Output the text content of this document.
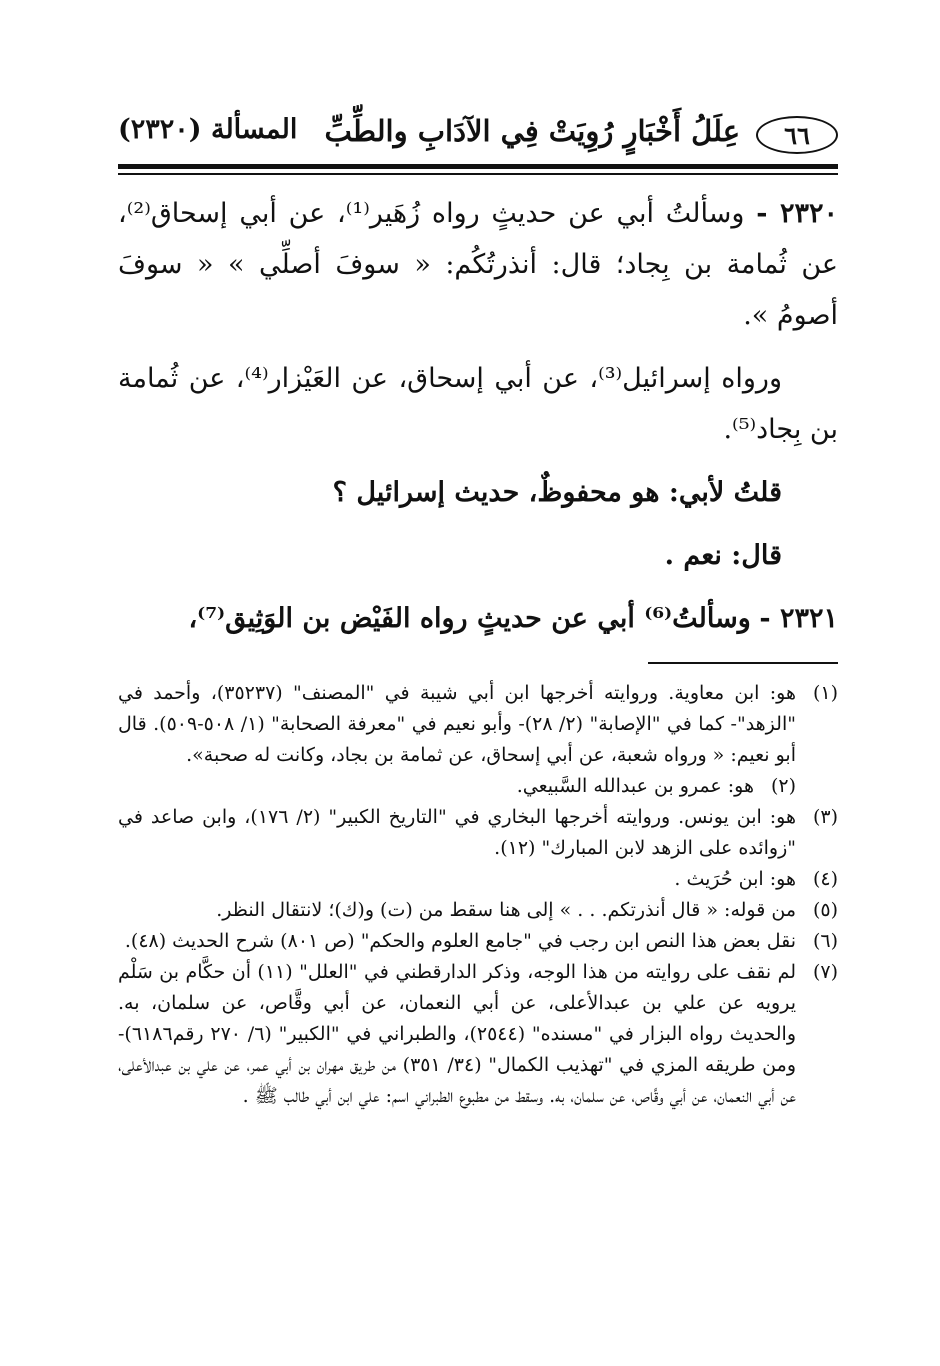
٦٦
عِلَلُ أَخْبَارٍ رُوِيَتْ فِي الآدَابِ والطِّبِّ
المسألة (٢٣٢٠)

٢٣٢٠ - وسألتُ أبي عن حديثٍ رواه زُهَير⁽¹⁾، عن أبي إسحاق⁽²⁾، عن ثُمامة بن بِجاد؛ قال: أنذرتُكُم: « سوفَ أصلِّي » « سوفَ أصومُ ».

ورواه إسرائيل⁽³⁾، عن أبي إسحاق، عن العَيْزار⁽⁴⁾، عن ثُمامة بن بِجاد⁽⁵⁾.

قلتُ لأبي: هو محفوظٌ، حديث إسرائيل ؟

قال: نعم .

٢٣٢١ - وسألتُ⁽⁶⁾ أبي عن حديثٍ رواه الفَيْض بن الوَثِيق⁽⁷⁾،

(١)
هو: ابن معاوية. وروايته أخرجها ابن أبي شيبة في "المصنف" (٣٥٢٣٧)، وأحمد في "الزهد"- كما في "الإصابة" (٢/ ٢٨)- وأبو نعيم في "معرفة الصحابة" (١/ ٥٠٨-٥٠٩). قال أبو نعيم: « ورواه شعبة، عن أبي إسحاق، عن ثمامة بن بجاد، وكانت له صحبة».
(٢)
هو: عمرو بن عبدالله السَّبيعي.
(٣)
هو: ابن يونس. وروايته أخرجها البخاري في "التاريخ الكبير" (٢/ ١٧٦)، وابن صاعد في "زوائده على الزهد لابن المبارك" (١٢).
(٤)
هو: ابن حُرَيث .
(٥)
من قوله: « قال أنذرتكم. . . » إلى هنا سقط من (ت) و(ك)؛ لانتقال النظر.
(٦)
نقل بعض هذا النص ابن رجب في "جامع العلوم والحكم" (ص ٨٠١) شرح الحديث (٤٨).
(٧)
لم نقف على روايته من هذا الوجه، وذكر الدارقطني في "العلل" (١١) أن حكَّام بن سَلْم يرويه عن علي بن عبدالأعلى، عن أبي النعمان، عن أبي وقَّاص، عن سلمان، به. والحديث رواه البزار في "مسنده" (٢٥٤٤)، والطبراني في "الكبير" (٦/ ٢٧٠ رقم٦١٨٦)- ومن طريقه المزي في "تهذيب الكمال" (٣٤/ ٣٥١) من طريق مهران بن أبي عمر، عن علي بن عبدالأعلى، عن أبي النعمان، عن أبي وقَّاص، عن سلمان، به. وسقط من مطبوع الطبراني اسم: علي ابن أبي طالب ﷺ .
